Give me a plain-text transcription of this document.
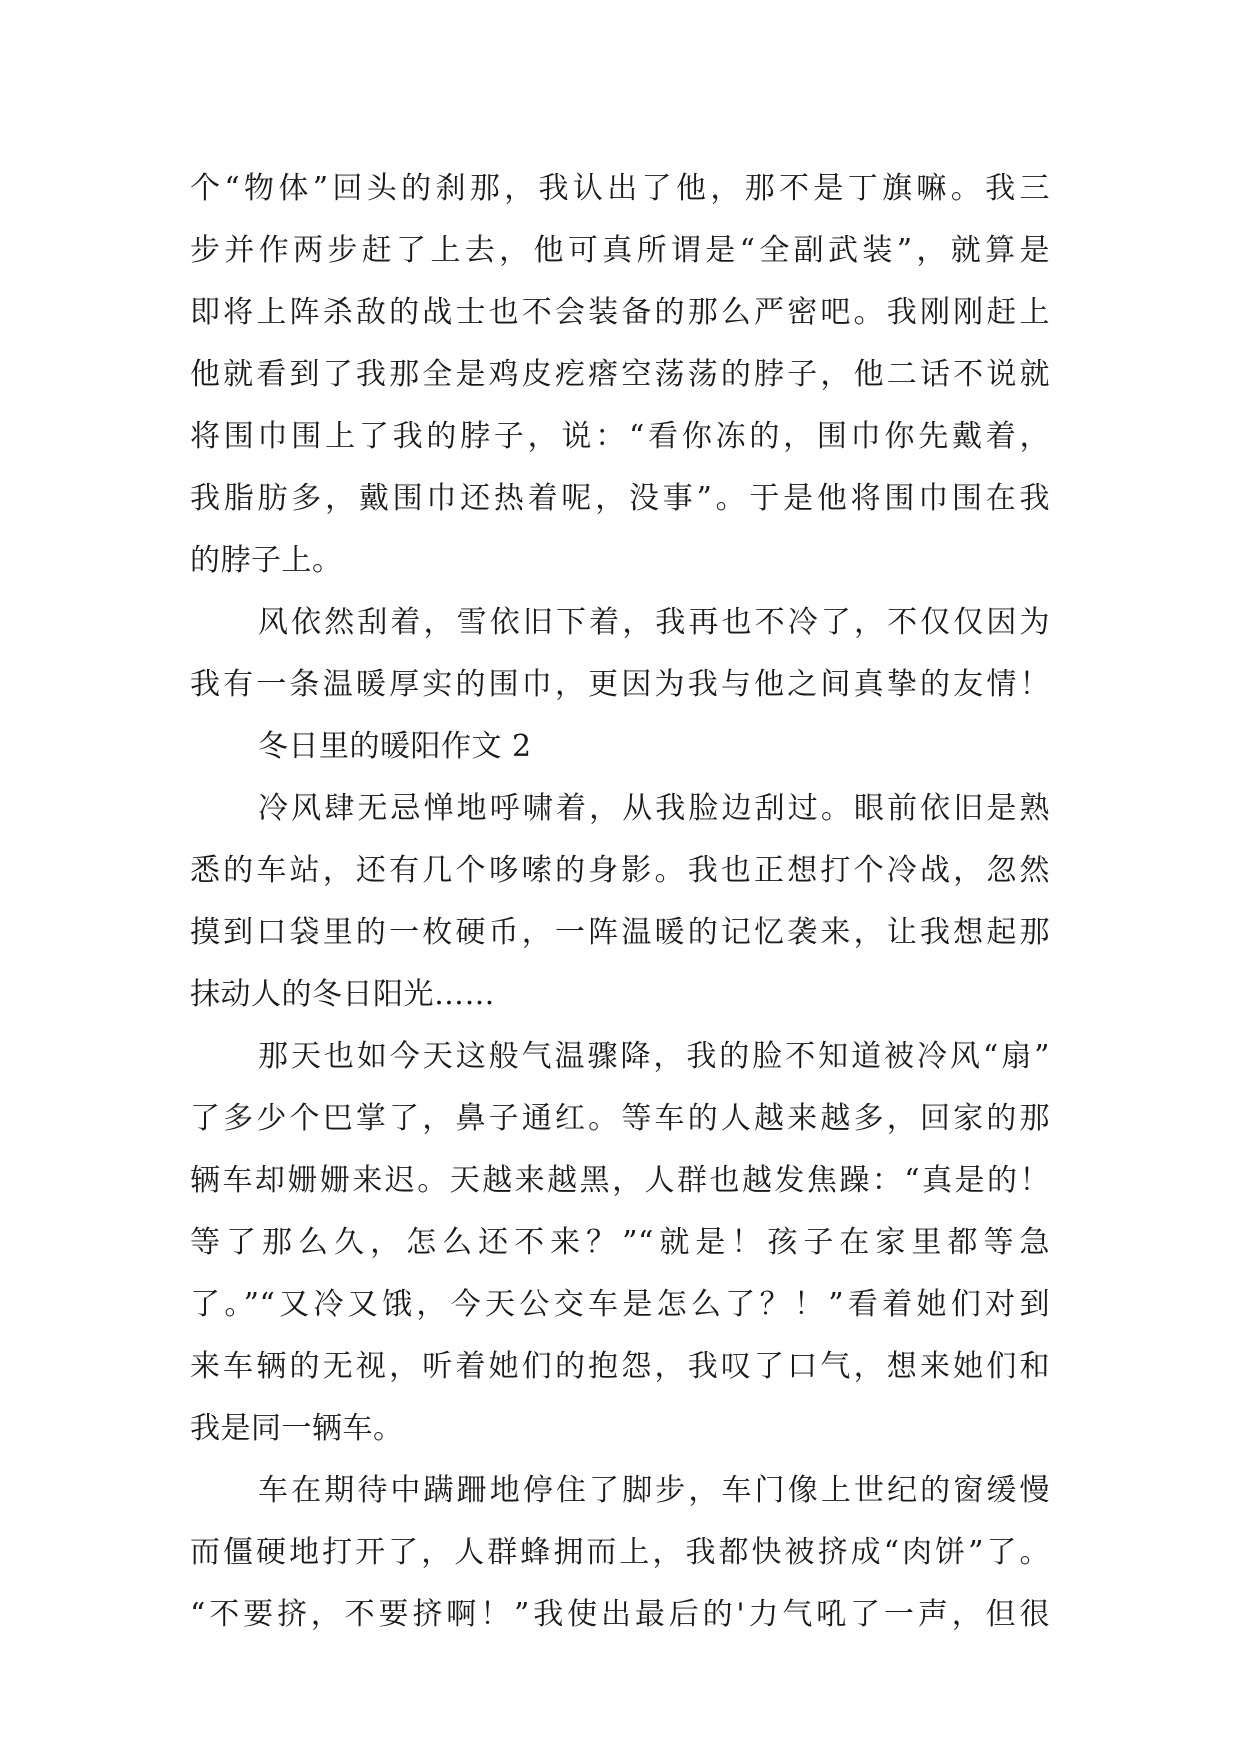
个“物体”回头的刹那，我认出了他，那不是丁旗嘛。我三
步并作两步赶了上去，他可真所谓是“全副武装”，就算是
即将上阵杀敌的战士也不会装备的那么严密吧。我刚刚赶上
他就看到了我那全是鸡皮疙瘩空荡荡的脖子，他二话不说就
将围巾围上了我的脖子，说：“看你冻的，围巾你先戴着，
我脂肪多，戴围巾还热着呢，没事”。于是他将围巾围在我
的脖子上。
风依然刮着，雪依旧下着，我再也不冷了，不仅仅因为
我有一条温暖厚实的围巾，更因为我与他之间真挚的友情！
冬日里的暖阳作文 2
冷风肆无忌惮地呼啸着，从我脸边刮过。眼前依旧是熟
悉的车站，还有几个哆嗦的身影。我也正想打个冷战，忽然
摸到口袋里的一枚硬币，一阵温暖的记忆袭来，让我想起那
抹动人的冬日阳光……
那天也如今天这般气温骤降，我的脸不知道被冷风“扇”
了多少个巴掌了，鼻子通红。等车的人越来越多，回家的那
辆车却姗姗来迟。天越来越黑，人群也越发焦躁：“真是的！
等了那么久，怎么还不来？”“就是！孩子在家里都等急
了。”“又冷又饿，今天公交车是怎么了？！”看着她们对到
来车辆的无视，听着她们的抱怨，我叹了口气，想来她们和
我是同一辆车。
车在期待中蹒跚地停住了脚步，车门像上世纪的窗缓慢
而僵硬地打开了，人群蜂拥而上，我都快被挤成“肉饼”了。
“不要挤，不要挤啊！”我使出最后的'力气吼了一声，但很
